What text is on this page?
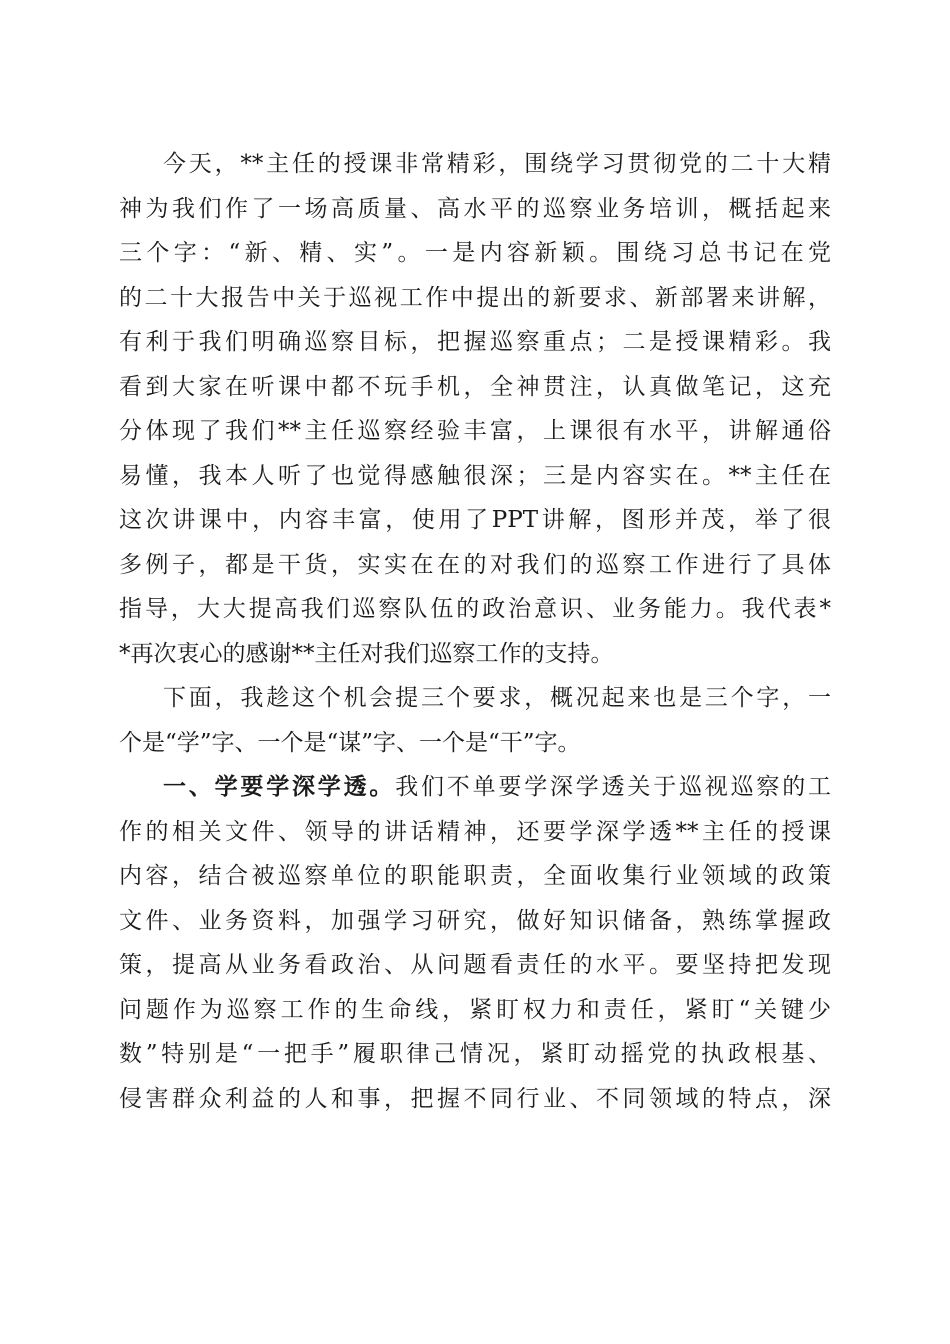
今天，**主任的授课非常精彩，围绕学习贯彻党的二十大精
神为我们作了一场高质量、高水平的巡察业务培训，概括起来
三个字：“新、精、实”。一是内容新颖。围绕习总书记在党
的二十大报告中关于巡视工作中提出的新要求、新部署来讲解，
有利于我们明确巡察目标，把握巡察重点；二是授课精彩。我
看到大家在听课中都不玩手机，全神贯注，认真做笔记，这充
分体现了我们**主任巡察经验丰富，上课很有水平，讲解通俗
易懂，我本人听了也觉得感触很深；三是内容实在。**主任在
这次讲课中，内容丰富，使用了PPT讲解，图形并茂，举了很
多例子，都是干货，实实在在的对我们的巡察工作进行了具体
指导，大大提高我们巡察队伍的政治意识、业务能力。我代表*
*再次衷心的感谢**主任对我们巡察工作的支持。
下面，我趁这个机会提三个要求，概况起来也是三个字，一
个是“学”字、一个是“谋”字、一个是“干”字。
一、学要学深学透。我们不单要学深学透关于巡视巡察的工
作的相关文件、领导的讲话精神，还要学深学透**主任的授课
内容，结合被巡察单位的职能职责，全面收集行业领域的政策
文件、业务资料，加强学习研究，做好知识储备，熟练掌握政
策，提高从业务看政治、从问题看责任的水平。要坚持把发现
问题作为巡察工作的生命线，紧盯权力和责任，紧盯“关键少
数”特别是“一把手”履职律己情况，紧盯动摇党的执政根基、
侵害群众利益的人和事，把握不同行业、不同领域的特点，深
